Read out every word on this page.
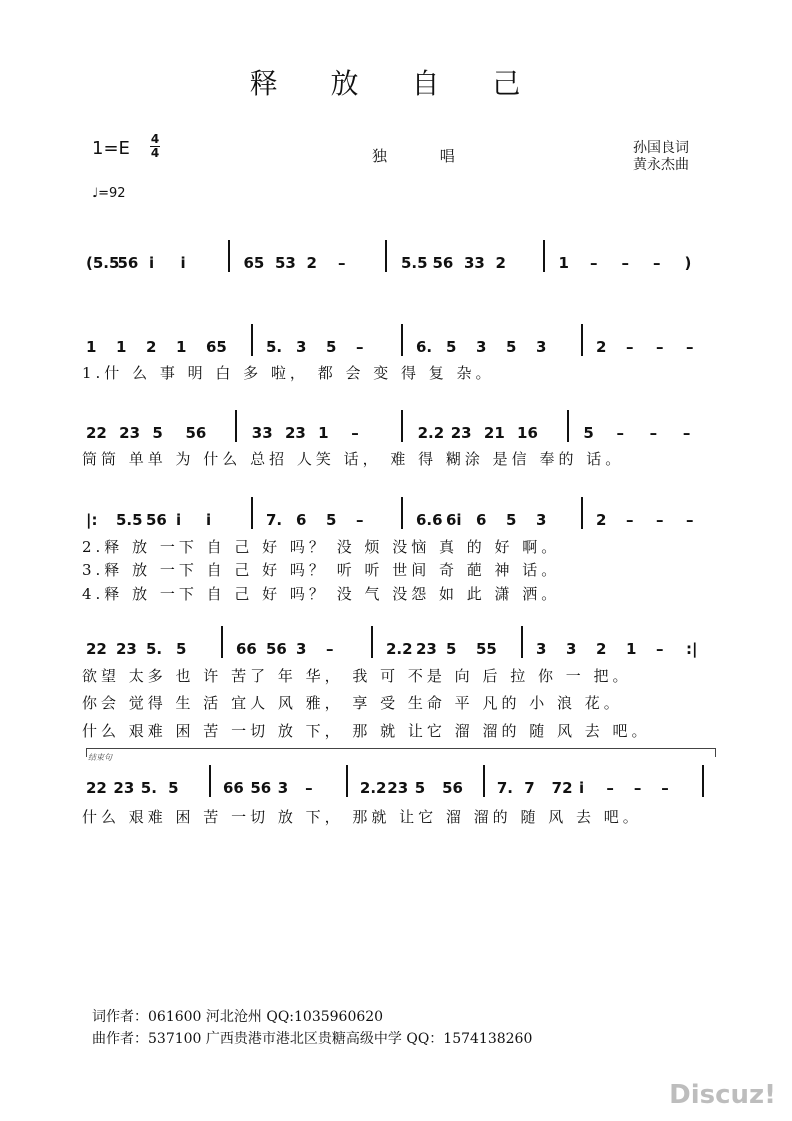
释 放 自 己
1=E 4
4	独 唱	孙国良词
黄永杰曲
♩=92
(5.5
56 i i	65 53 2 –	5.5 56 33 2	1 – – – )
1 1 2 1 65	5. 3 5 –	6. 5 3 5 3	2 – – –
1.什 么 事 明 白 多 啦， 都 会 变 得 复 杂。
22 23 5 56	33 23 1 –	2.2 23 21 16	5 – – –
筒筒 单单 为 什么 总招 人笑 话， 难 得 糊涂 是信 奉的 话。
|: 5.5 56 i i	7. 6 5 –	6.6 6i 6 5 3	2 – – –
2.释 放 一下 自 己 好 吗？ 没 烦 没恼 真 的 好 啊。
3.释 放 一下 自 己 好 吗？ 听 听 世间 奇 葩 神 话。
4.释 放 一下 自 己 好 吗？ 没 气 没怨 如 此 潇 洒。
22 23 5. 5	66 56 3 –	2.2 23 5 55	3 3 2 1 – :|
欲望 太多 也 许 苦了 年 华， 我 可 不是 向 后 拉 你 一 把。
你会 觉得 生 活 宜人 风 雅， 享 受 生命 平 凡的 小 浪 花。
什么 艰难 困 苦 一切 放 下， 那 就 让它 溜 溜的 随 风 去 吧。
22 23 5. 5	66 56 3 –	2.2 23 5 56 7. 7 72 i – – –
什么 艰难 困 苦 一切 放 下， 那就 让它 溜 溜的 随 风 去 吧。
结束句
词作者：061600 河北沧州 QQ:1035960620
曲作者：537100 广西贵港市港北区贵糖高级中学 QQ：1574138260
Discuz!
